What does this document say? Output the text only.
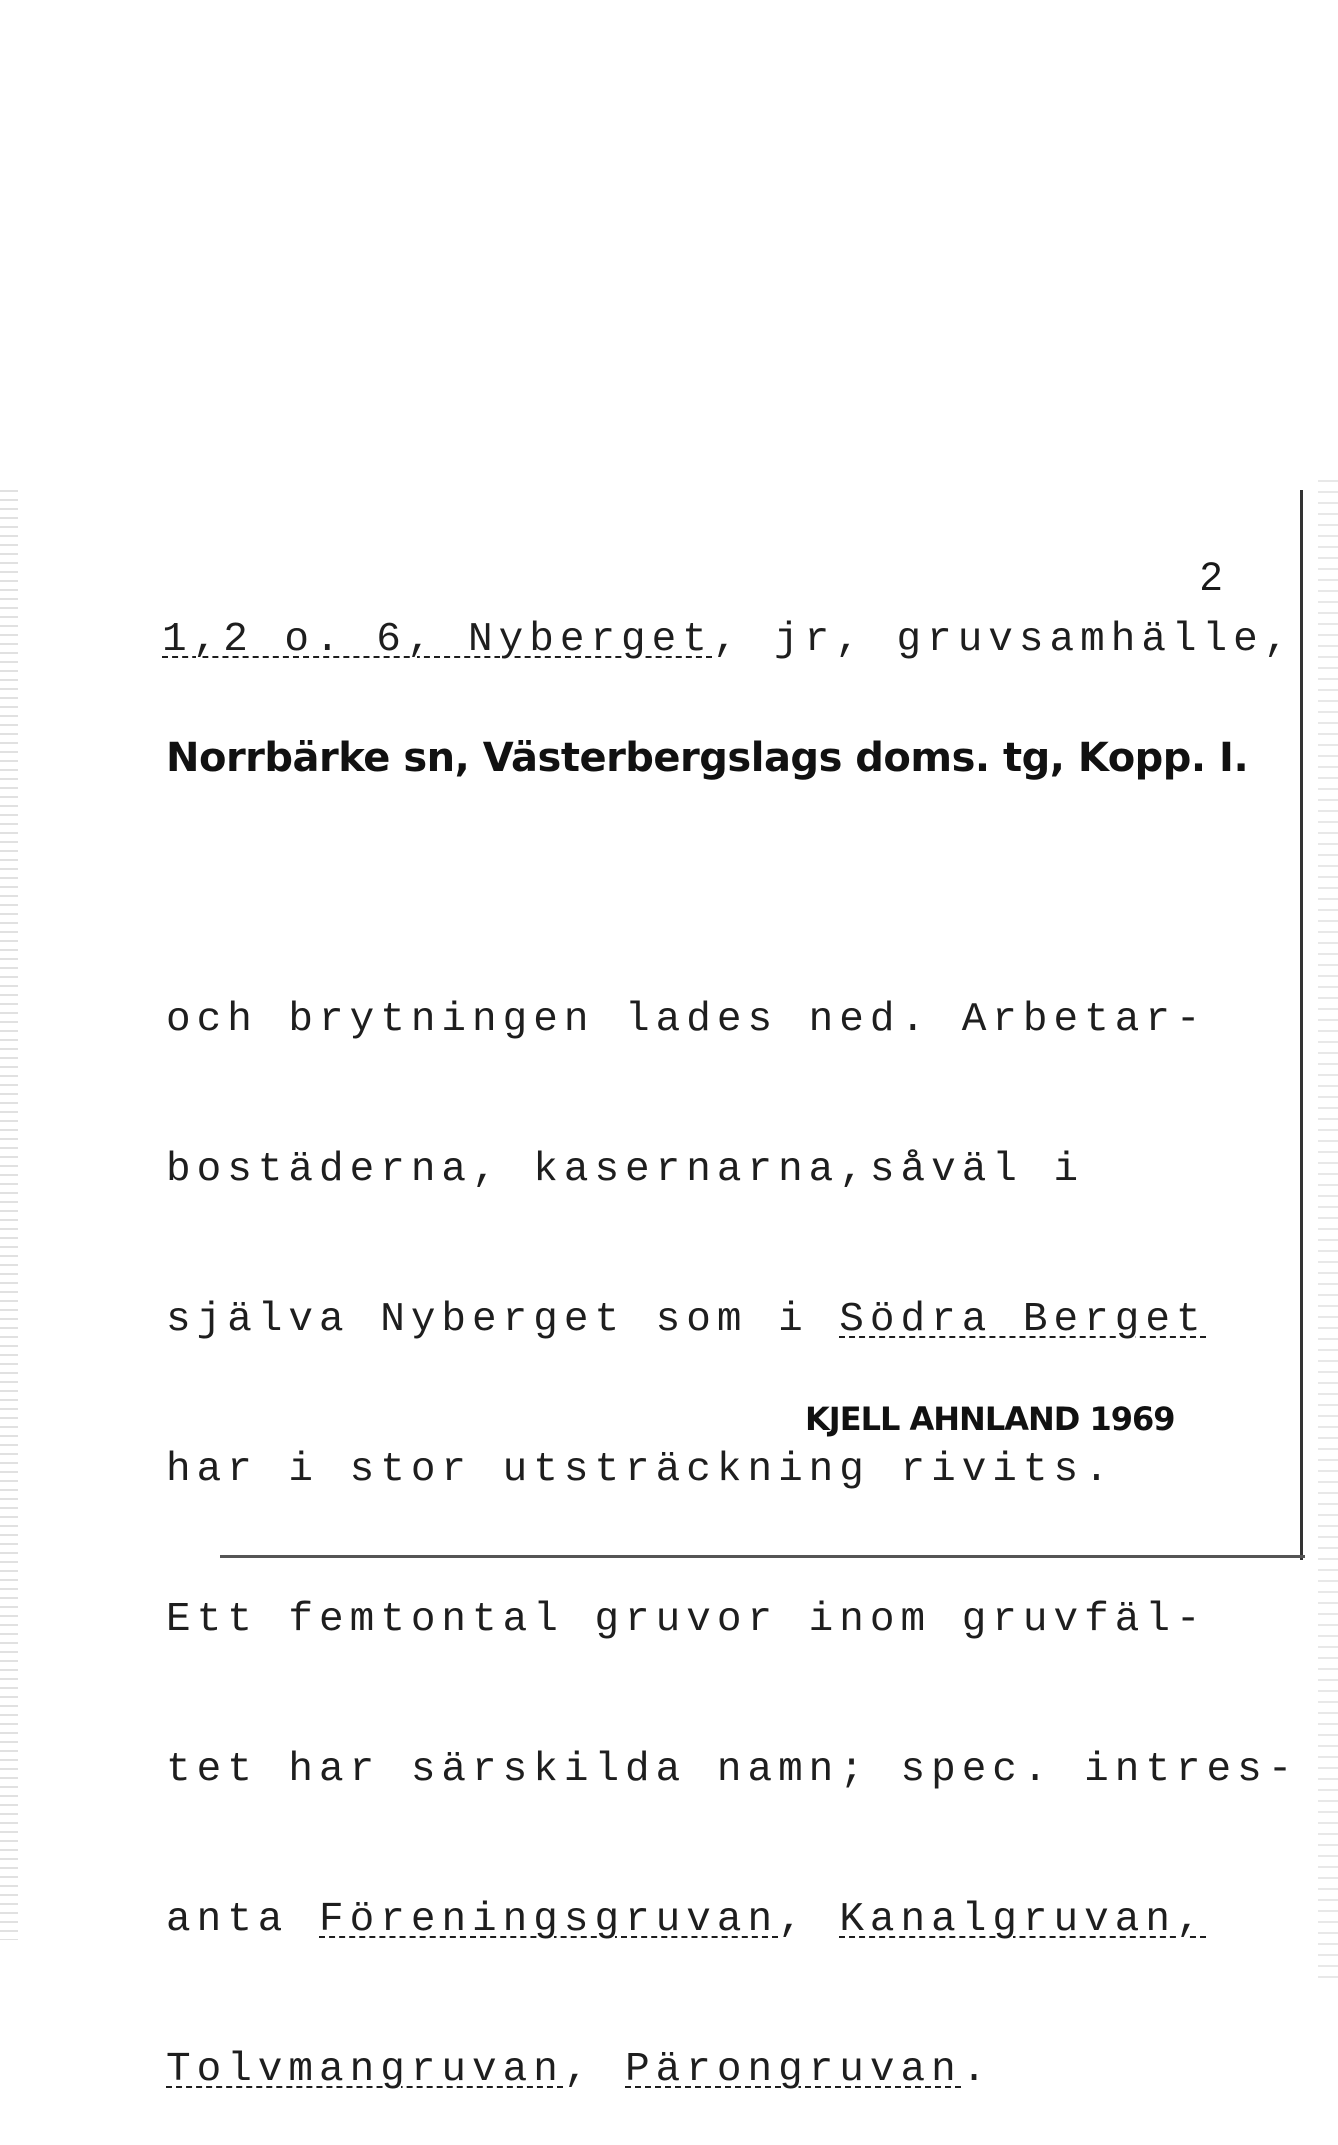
2
1,2 o. 6, Nyberget, jr, gruvsamhälle,
Norrbärke sn, Västerbergslags doms. tg, Kopp. I.

och brytningen lades ned. Arbetar-

bostäderna, kasernarna,såväl i

själva Nyberget som i Södra Berget

har i stor utsträckning rivits.

Ett femtontal gruvor inom gruvfäl-

tet har särskilda namn; spec. intres-

anta Föreningsgruvan, Kanalgruvan,

Tolvmangruvan, Pärongruvan.

KJELL AHNLAND 1969
